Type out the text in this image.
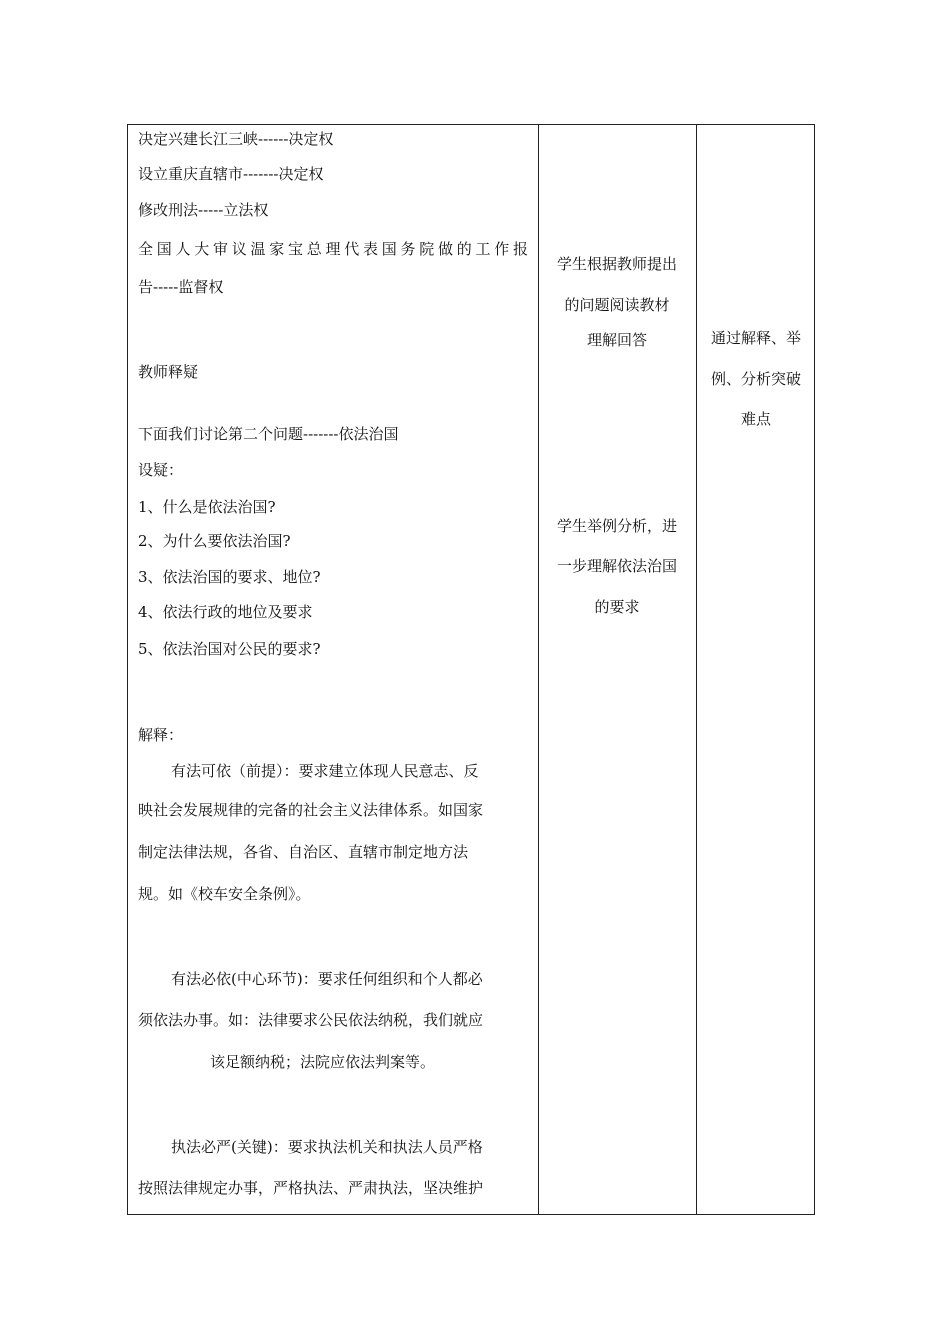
决定兴建长江三峡------决定权
设立重庆直辖市-------决定权
修改刑法-----立法权
全国人大审议温家宝总理代表国务院做的工作报
告-----监督权
教师释疑
下面我们讨论第二个问题-------依法治国
设疑：
1、什么是依法治国?
2、为什么要依法治国?
3、依法治国的要求、地位?
4、依法行政的地位及要求
5、依法治国对公民的要求?
解释：
有法可依（前提）：要求建立体现人民意志、反
映社会发展规律的完备的社会主义法律体系。如国家
制定法律法规，各省、自治区、直辖市制定地方法
规。如《校车安全条例》。
有法必依(中心环节)：要求任何组织和个人都必
须依法办事。如：法律要求公民依法纳税，我们就应
该足额纳税；法院应依法判案等。
执法必严(关键)：要求执法机关和执法人员严格
按照法律规定办事，严格执法、严肃执法，坚决维护
学生根据教师提出
的问题阅读教材
理解回答
学生举例分析，进
一步理解依法治国
的要求
通过解释、举
例、分析突破
难点
